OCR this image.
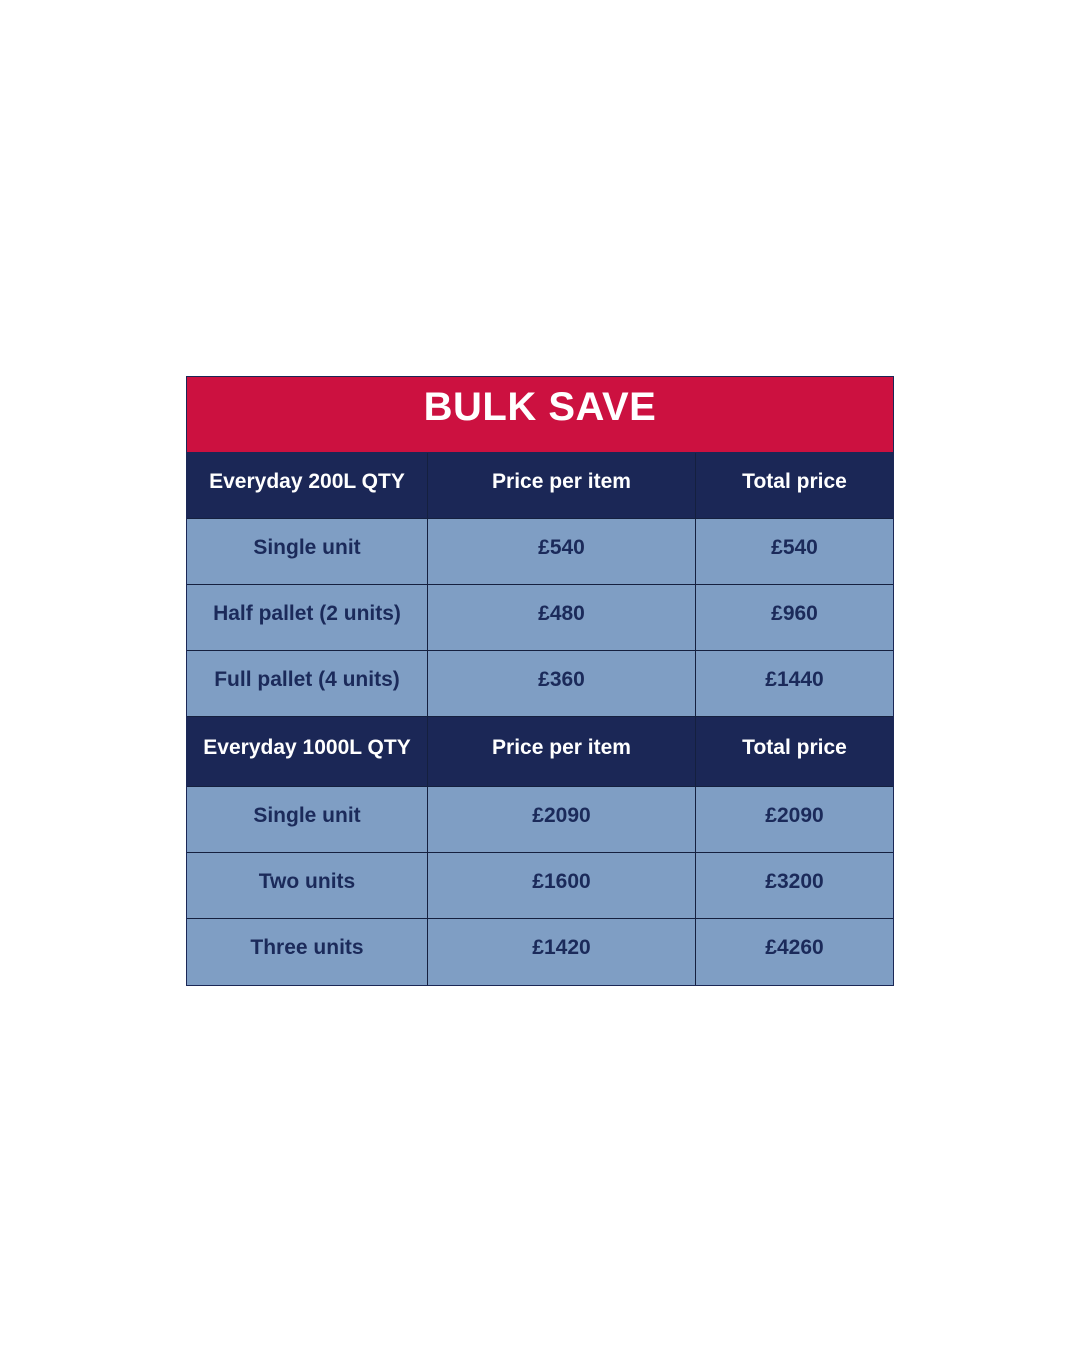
BULK SAVE
Everyday 200L QTY	Price per item	Total price
Single unit	£540	£540
Half pallet (2 units)	£480	£960
Full pallet (4 units)	£360	£1440
Everyday 1000L QTY	Price per item	Total price
Single unit	£2090	£2090
Two units	£1600	£3200
Three units	£1420	£4260
